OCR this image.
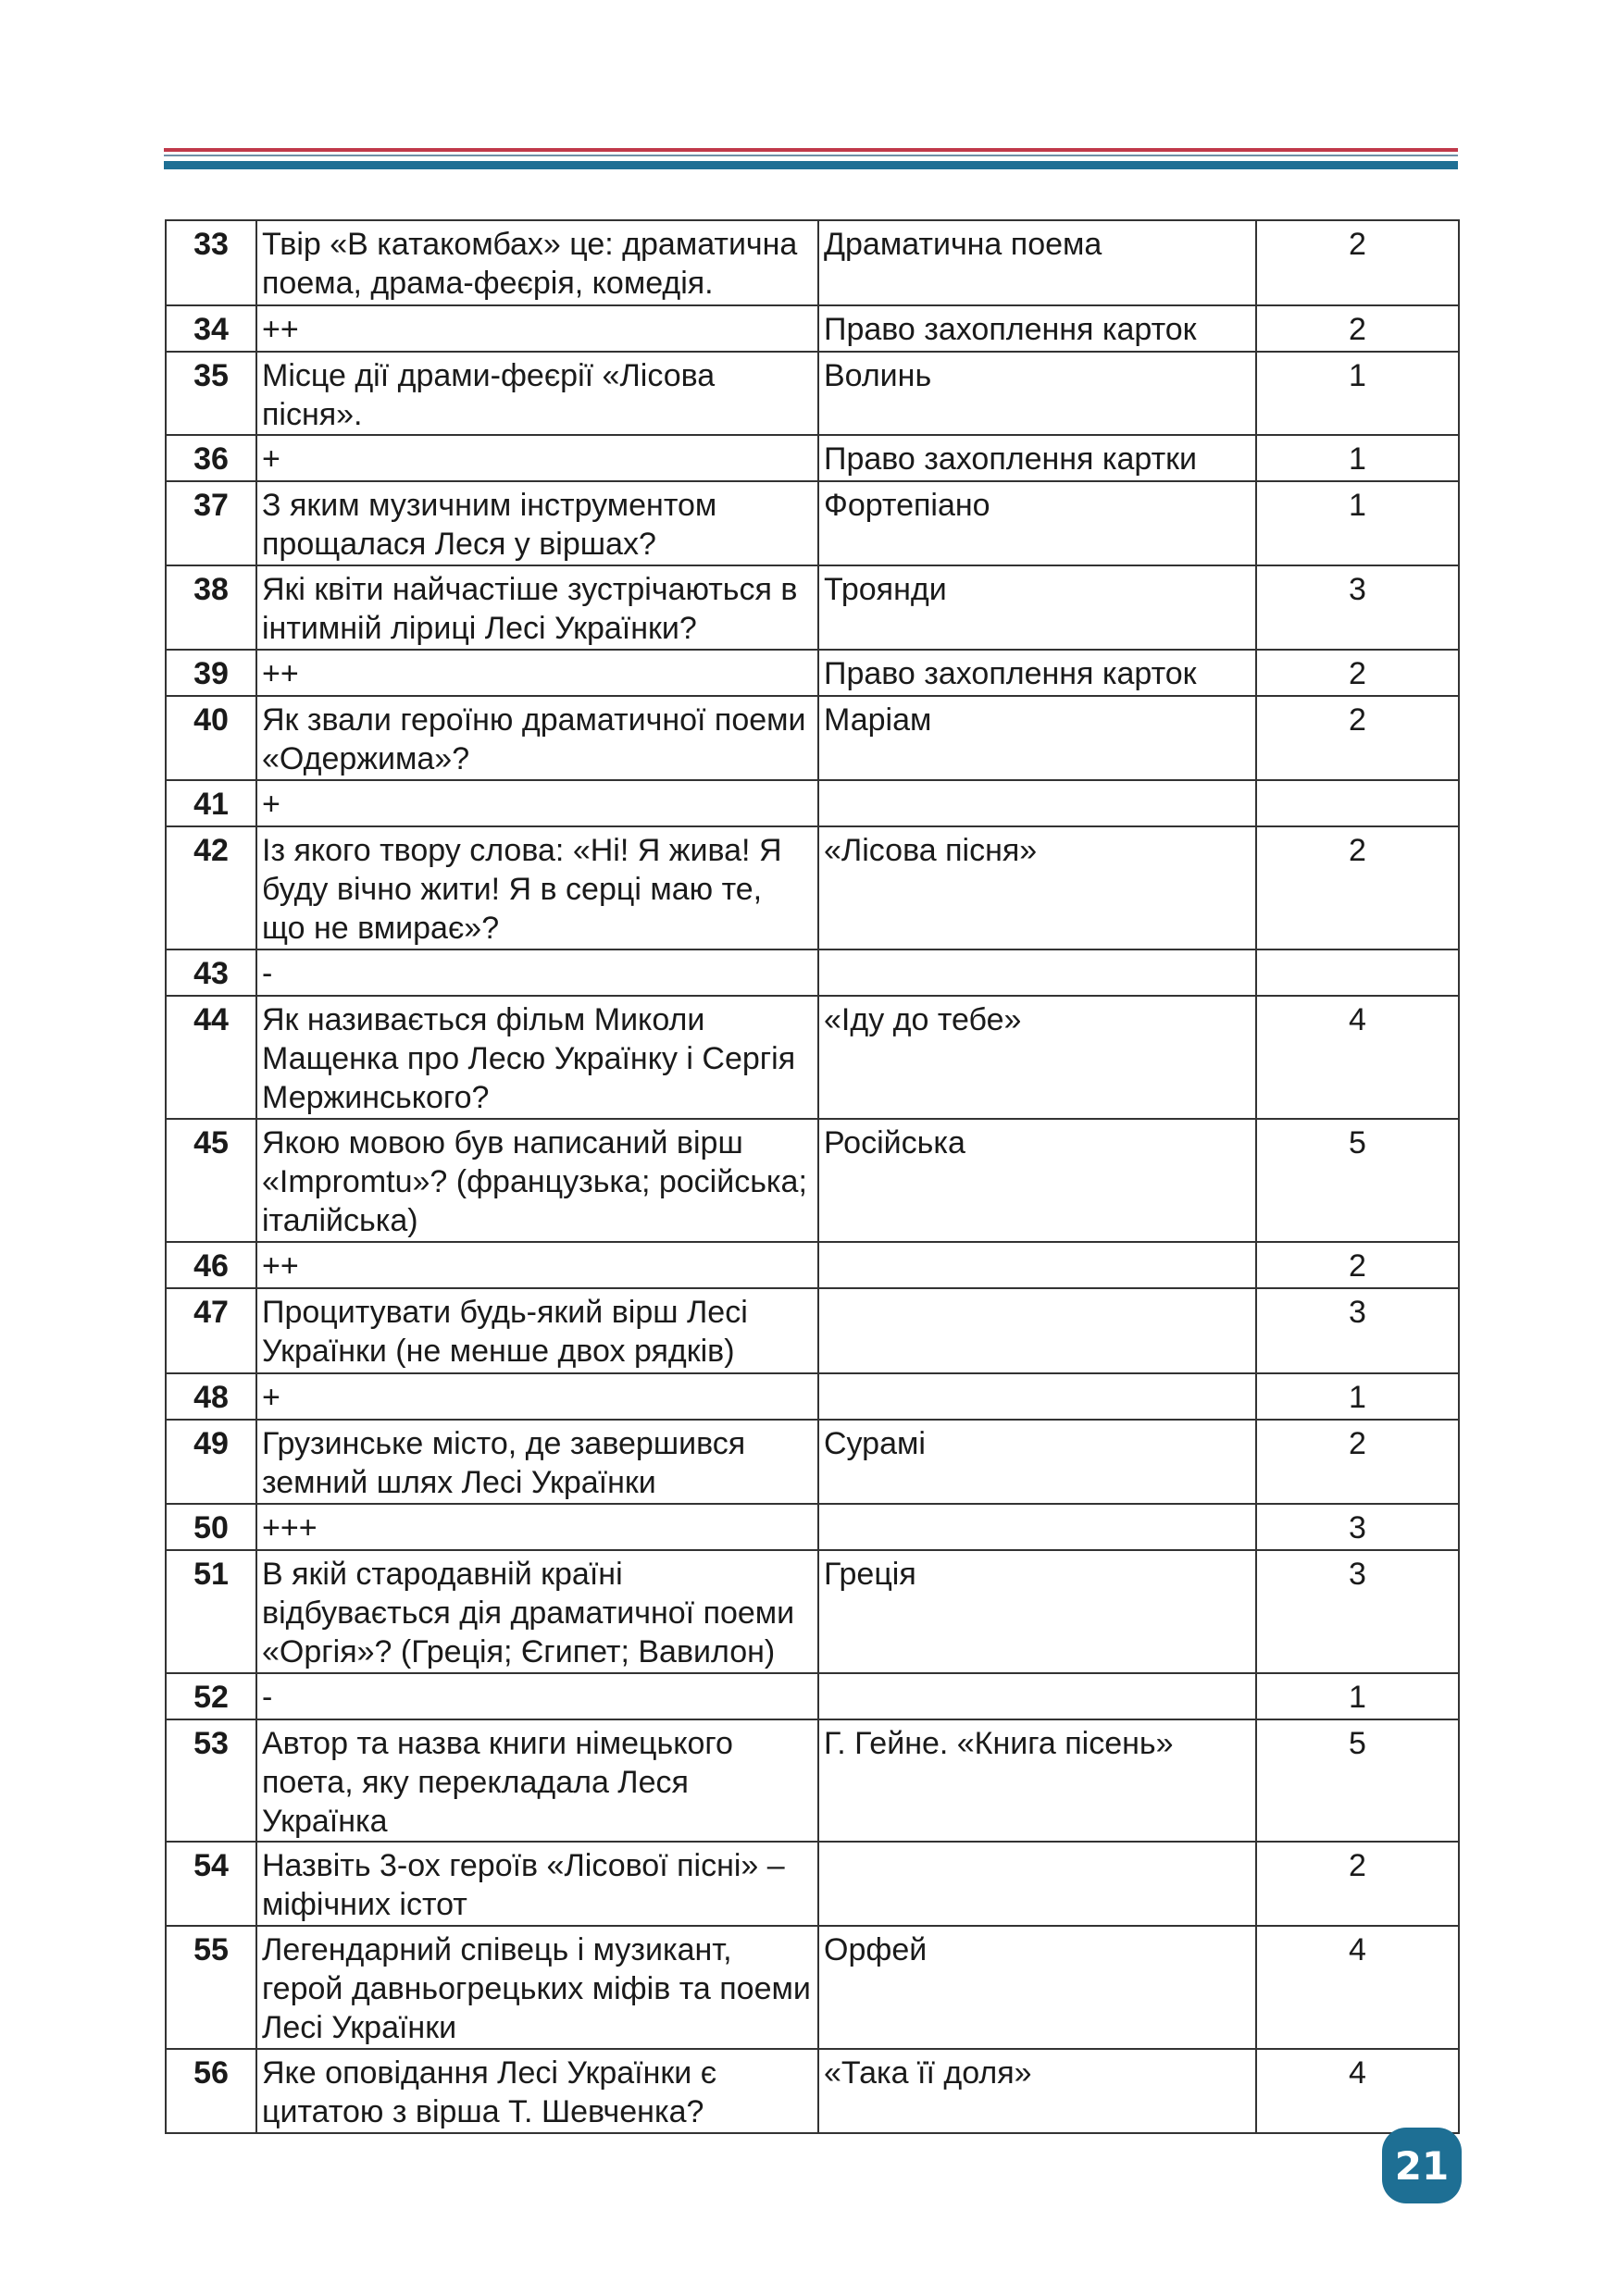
33	Твір «В катакомбах» це: драматична поема, драма-феєрія, комедія.	Драматична поема	2
34	++	Право захоплення карток	2
35	Місце дії драми-феєрії «Лісова пісня».	Волинь	1
36	+	Право захоплення картки	1
37	З яким музичним інструментом прощалася Леся у віршах?	Фортепіано	1
38	Які квіти найчастіше зустрічаються в інтимній ліриці Лесі Українки?	Троянди	3
39	++	Право захоплення карток	2
40	Як звали героїню драматичної поеми «Одержима»?	Маріам	2
41	+		
42	Із якого твору слова: «Ні! Я жива! Я буду вічно жити! Я в серці маю те, що не вмирає»?	«Лісова пісня»	2
43	-		
44	Як називається фільм Миколи Мащенка про Лесю Українку і Сергія Мержинського?	«Іду до тебе»	4
45	Якою мовою був написаний вірш «Impromtu»? (французька; російська; італійська)	Російська	5
46	++		2
47	Процитувати будь-який вірш Лесі Українки (не менше двох рядків)		3
48	+		1
49	Грузинське місто, де завершився земний шлях Лесі Українки	Сурамі	2
50	+++		3
51	В якій стародавній країні відбувається дія драматичної поеми «Оргія»? (Греція; Єгипет; Вавилон)	Греція	3
52	-		1
53	Автор та назва книги німецького поета, яку перекладала Леся Українка	Г. Гейне. «Книга пісень»	5
54	Назвіть 3-ох героїв «Лісової пісні» – міфічних істот		2
55	Легендарний співець і музикант, герой давньогрецьких міфів та поеми Лесі Українки	Орфей	4
56	Яке оповідання Лесі Українки є цитатою з вірша Т. Шевченка?	«Така її доля»	4
21
